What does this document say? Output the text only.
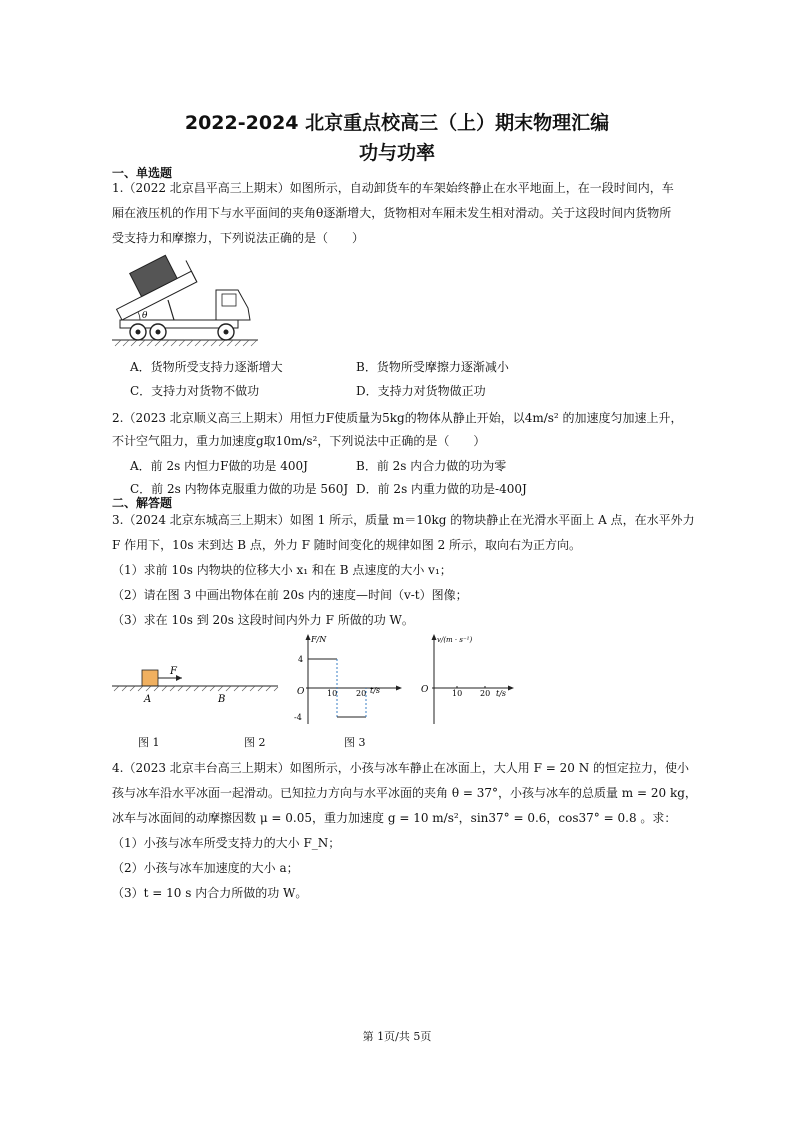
2022-2024 北京重点校高三（上）期末物理汇编
功与功率
一、单选题
1.（2022 北京昌平高三上期末）如图所示，自动卸货车的车架始终静止在水平地面上，在一段时间内，车
厢在液压机的作用下与水平面间的夹角θ逐渐增大，货物相对车厢未发生相对滑动。关于这段时间内货物所
受支持力和摩擦力，下列说法正确的是（　　）
θ
A．货物所受支持力逐渐增大	B．货物所受摩擦力逐渐减小
C．支持力对货物不做功	D．支持力对货物做正功
2.（2023 北京顺义高三上期末）用恒力F使质量为5kg的物体从静止开始，以4m/s² 的加速度匀加速上升，
不计空气阻力，重力加速度g取10m/s²，下列说法中正确的是（　　）
A．前 2s 内恒力F做的功是 400J	B．前 2s 内合力做的功为零
C．前 2s 内物体克服重力做的功是 560J D．前 2s 内重力做的功是-400J
二、解答题
3.（2024 北京东城高三上期末）如图 1 所示，质量 m＝10kg 的物块静止在光滑水平面上 A 点，在水平外力
F 作用下，10s 末到达 B 点，外力 F 随时间变化的规律如图 2 所示，取向右为正方向。
（1）求前 10s 内物块的位移大小 x₁ 和在 B 点速度的大小 v₁；
（2）请在图 3 中画出物体在前 20s 内的速度—时间（v-t）图像；
（3）求在 10s 到 20s 这段时间内外力 F 所做的功 W。
F
A	B
F/N
t/s
O
4
-4
10 20
v/(m · s⁻¹)
t/s
O	10 20
图 1	图 2	图 3
4.（2023 北京丰台高三上期末）如图所示，小孩与冰车静止在冰面上，大人用 F = 20 N 的恒定拉力，使小
孩与冰车沿水平冰面一起滑动。已知拉力方向与水平冰面的夹角 θ = 37°，小孩与冰车的总质量 m = 20 kg，
冰车与冰面间的动摩擦因数 μ = 0.05，重力加速度 g = 10 m/s²，sin37° = 0.6，cos37° = 0.8 。求：
（1）小孩与冰车所受支持力的大小 F_N；
（2）小孩与冰车加速度的大小 a；
（3）t = 10 s 内合力所做的功 W。
第 1页/共 5页
